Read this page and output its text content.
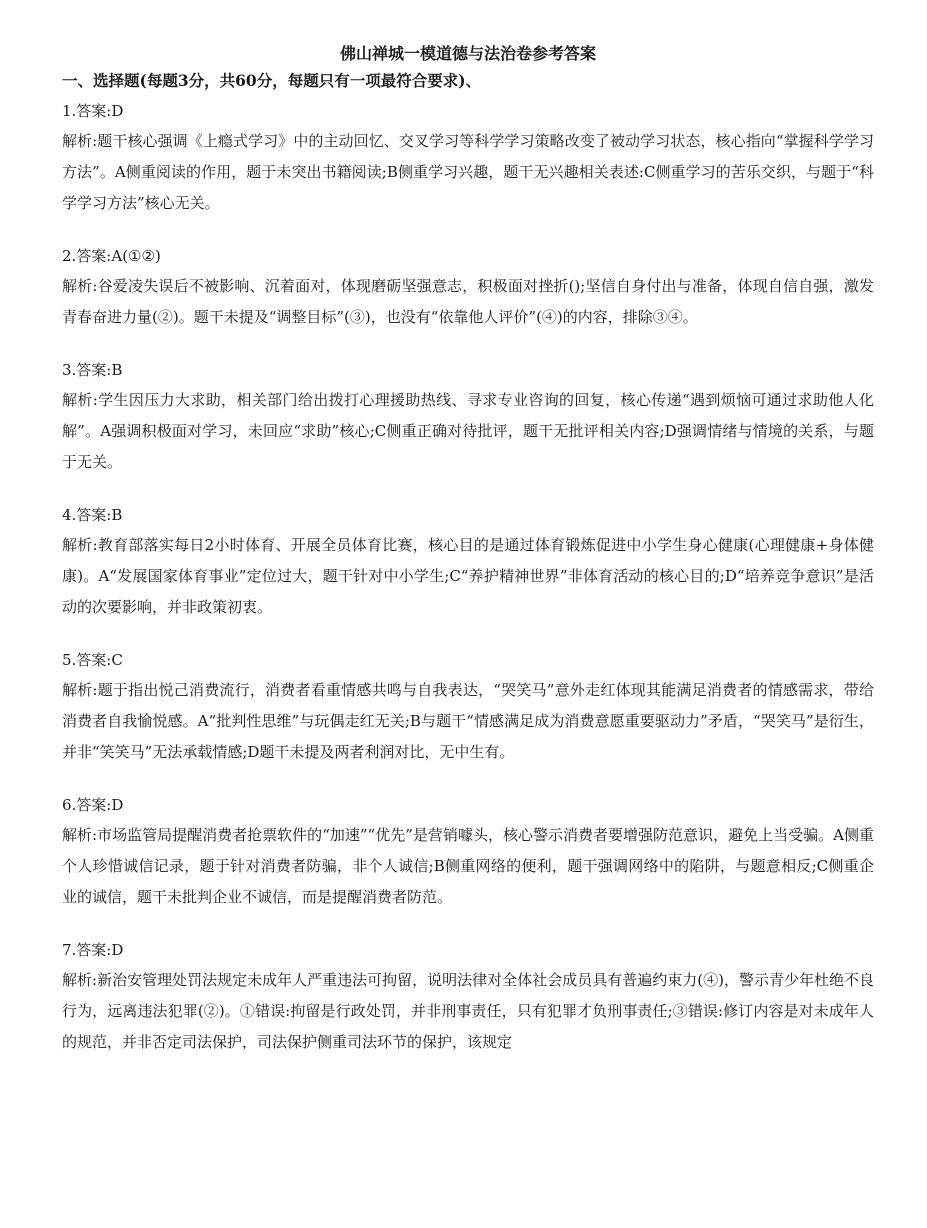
佛山禅城一模道德与法治卷参考答案

一、选择题(每题3分，共60分，每题只有一项最符合要求)、

1.答案:D

解析:题干核心强调《上瘾式学习》中的主动回忆、交叉学习等科学学习策略改变了被动学习状态，核心指向“掌握科学学习方法”。A侧重阅读的作用，题于未突出书籍阅读;B侧重学习兴趣，题干无兴趣相关表述:C侧重学习的苦乐交织，与题于“科学学习方法”核心无关。

2.答案:A(①②)

解析:谷爱凌失误后不被影响、沉着面对，体现磨砺坚强意志，积极面对挫折();坚信自身付出与准备，体现自信自强，激发青春奋进力量(②)。题干未提及“调整目标”(③)，也没有“依靠他人评价”(④)的内容，排除③④。

3.答案:B

解析:学生因压力大求助，相关部门给出拨打心理援助热线、寻求专业咨询的回复，核心传递“遇到烦恼可通过求助他人化解”。A强调积极面对学习，未回应“求助”核心;C侧重正确对待批评，题干无批评相关内容;D强调情绪与情境的关系，与题于无关。

4.答案:B

解析:教育部落实每日2小时体育、开展全员体育比赛，核心目的是通过体育锻炼促进中小学生身心健康(心理健康+身体健康)。A“发展国家体育事业”定位过大，题干针对中小学生;C“养护精神世界”非体育活动的核心目的;D“培养竞争意识”是活动的次要影响，并非政策初衷。

5.答案:C

解析:题于指出悦己消费流行，消费者看重情感共鸣与自我表达，“哭笑马”意外走红体现其能满足消费者的情感需求，带给消费者自我愉悦感。A“批判性思维”与玩偶走红无关;B与题干“情感满足成为消费意愿重要驱动力”矛盾，“哭笑马”是衍生，并非“笑笑马”无法承载情感;D题干未提及两者利润对比，无中生有。

6.答案:D

解析:市场监管局提醒消费者抢票软件的“加速”“优先”是营销噱头，核心警示消费者要增强防范意识，避免上当受骗。A侧重个人珍惜诚信记录，题于针对消费者防骗，非个人诚信;B侧重网络的便利，题干强调网络中的陷阱，与题意相反;C侧重企业的诚信，题干未批判企业不诚信，而是提醒消费者防范。

7.答案:D

解析:新治安管理处罚法规定未成年人严重违法可拘留，说明法律对全体社会成员具有普遍约束力(④)，警示青少年杜绝不良行为，远离违法犯罪(②)。①错误:拘留是行政处罚，并非刑事责任，只有犯罪才负刑事责任;③错误:修订内容是对未成年人的规范，并非否定司法保护，司法保护侧重司法环节的保护，该规定
